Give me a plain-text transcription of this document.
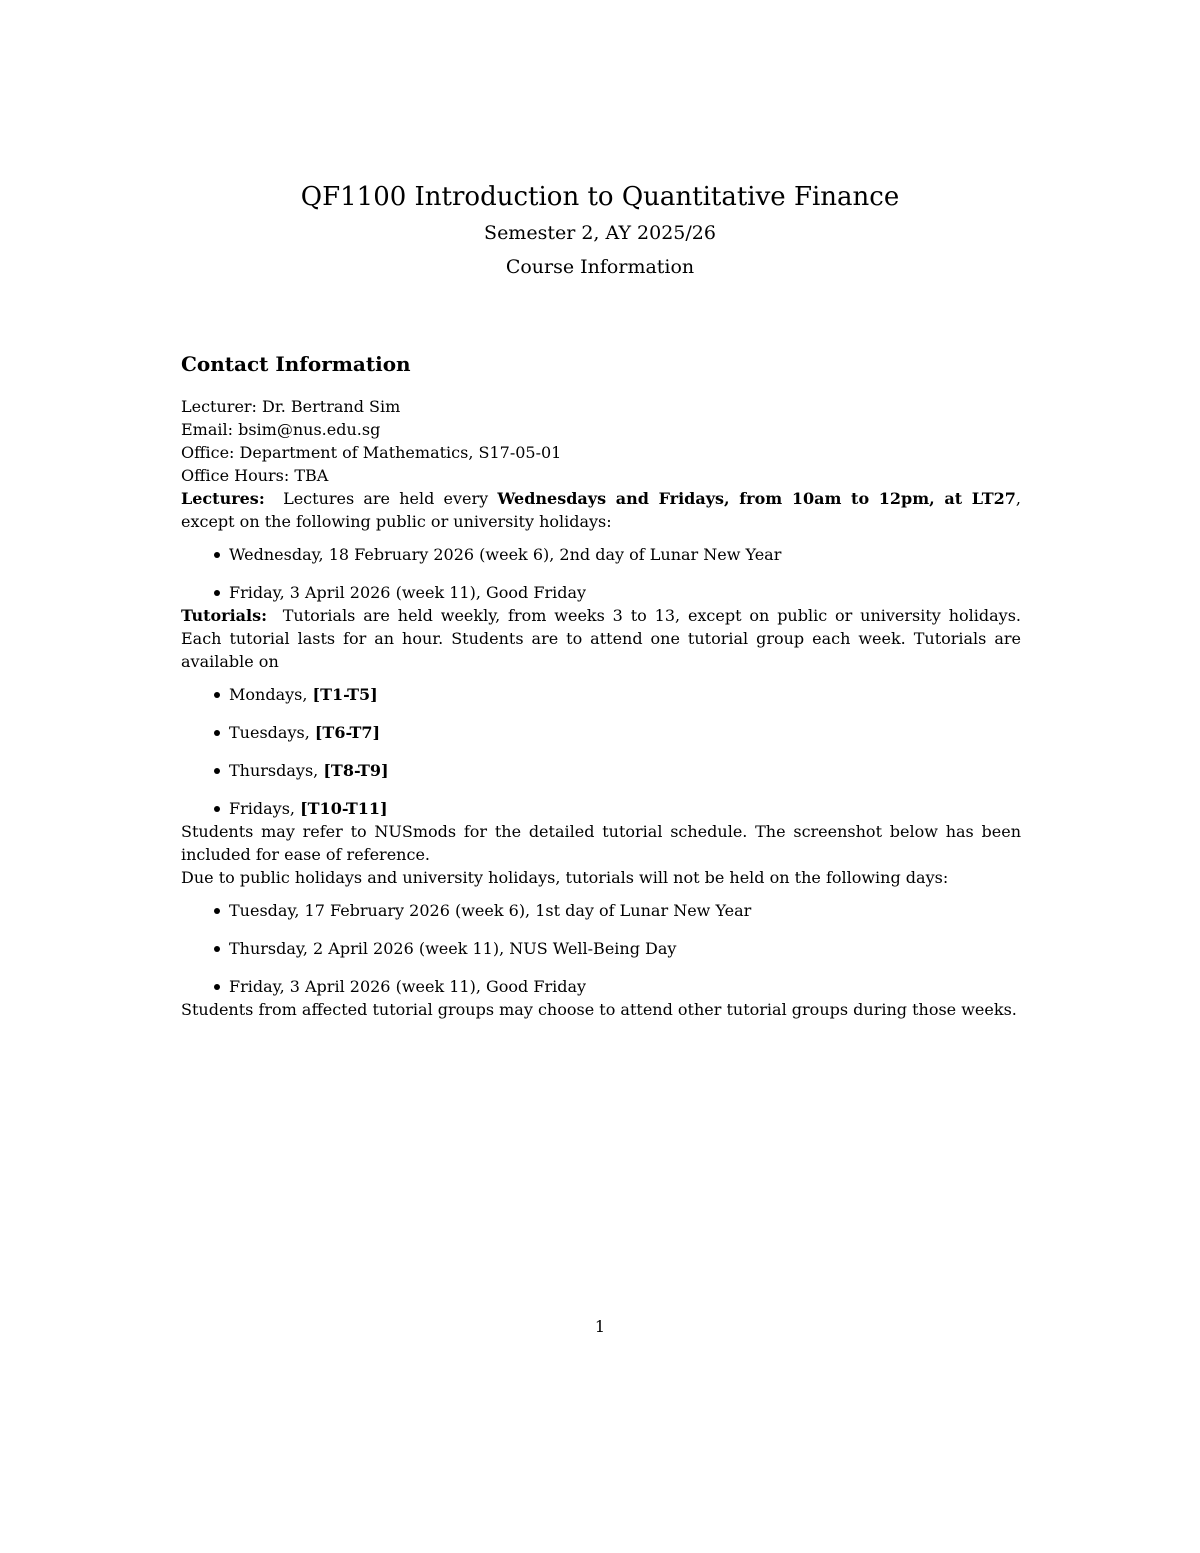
QF1100 Introduction to Quantitative Finance
Semester 2, AY 2025/26
Course Information
Contact Information
Lecturer: Dr. Bertrand Sim
Email: bsim@nus.edu.sg
Office: Department of Mathematics, S17-05-01
Office Hours: TBA

Lectures: Lectures are held every Wednesdays and Fridays, from 10am to 12pm, at LT27, except on the following public or university holidays:

Wednesday, 18 February 2026 (week 6), 2nd day of Lunar New Year
Friday, 3 April 2026 (week 11), Good Friday

Tutorials: Tutorials are held weekly, from weeks 3 to 13, except on public or university holidays. Each tutorial lasts for an hour. Students are to attend one tutorial group each week. Tutorials are available on

Mondays, [T1-T5]
Tuesdays, [T6-T7]
Thursdays, [T8-T9]
Fridays, [T10-T11]

Students may refer to NUSmods for the detailed tutorial schedule. The screenshot below has been included for ease of reference.

Due to public holidays and university holidays, tutorials will not be held on the following days:

Tuesday, 17 February 2026 (week 6), 1st day of Lunar New Year
Thursday, 2 April 2026 (week 11), NUS Well-Being Day
Friday, 3 April 2026 (week 11), Good Friday

Students from affected tutorial groups may choose to attend other tutorial groups during those weeks.

1
